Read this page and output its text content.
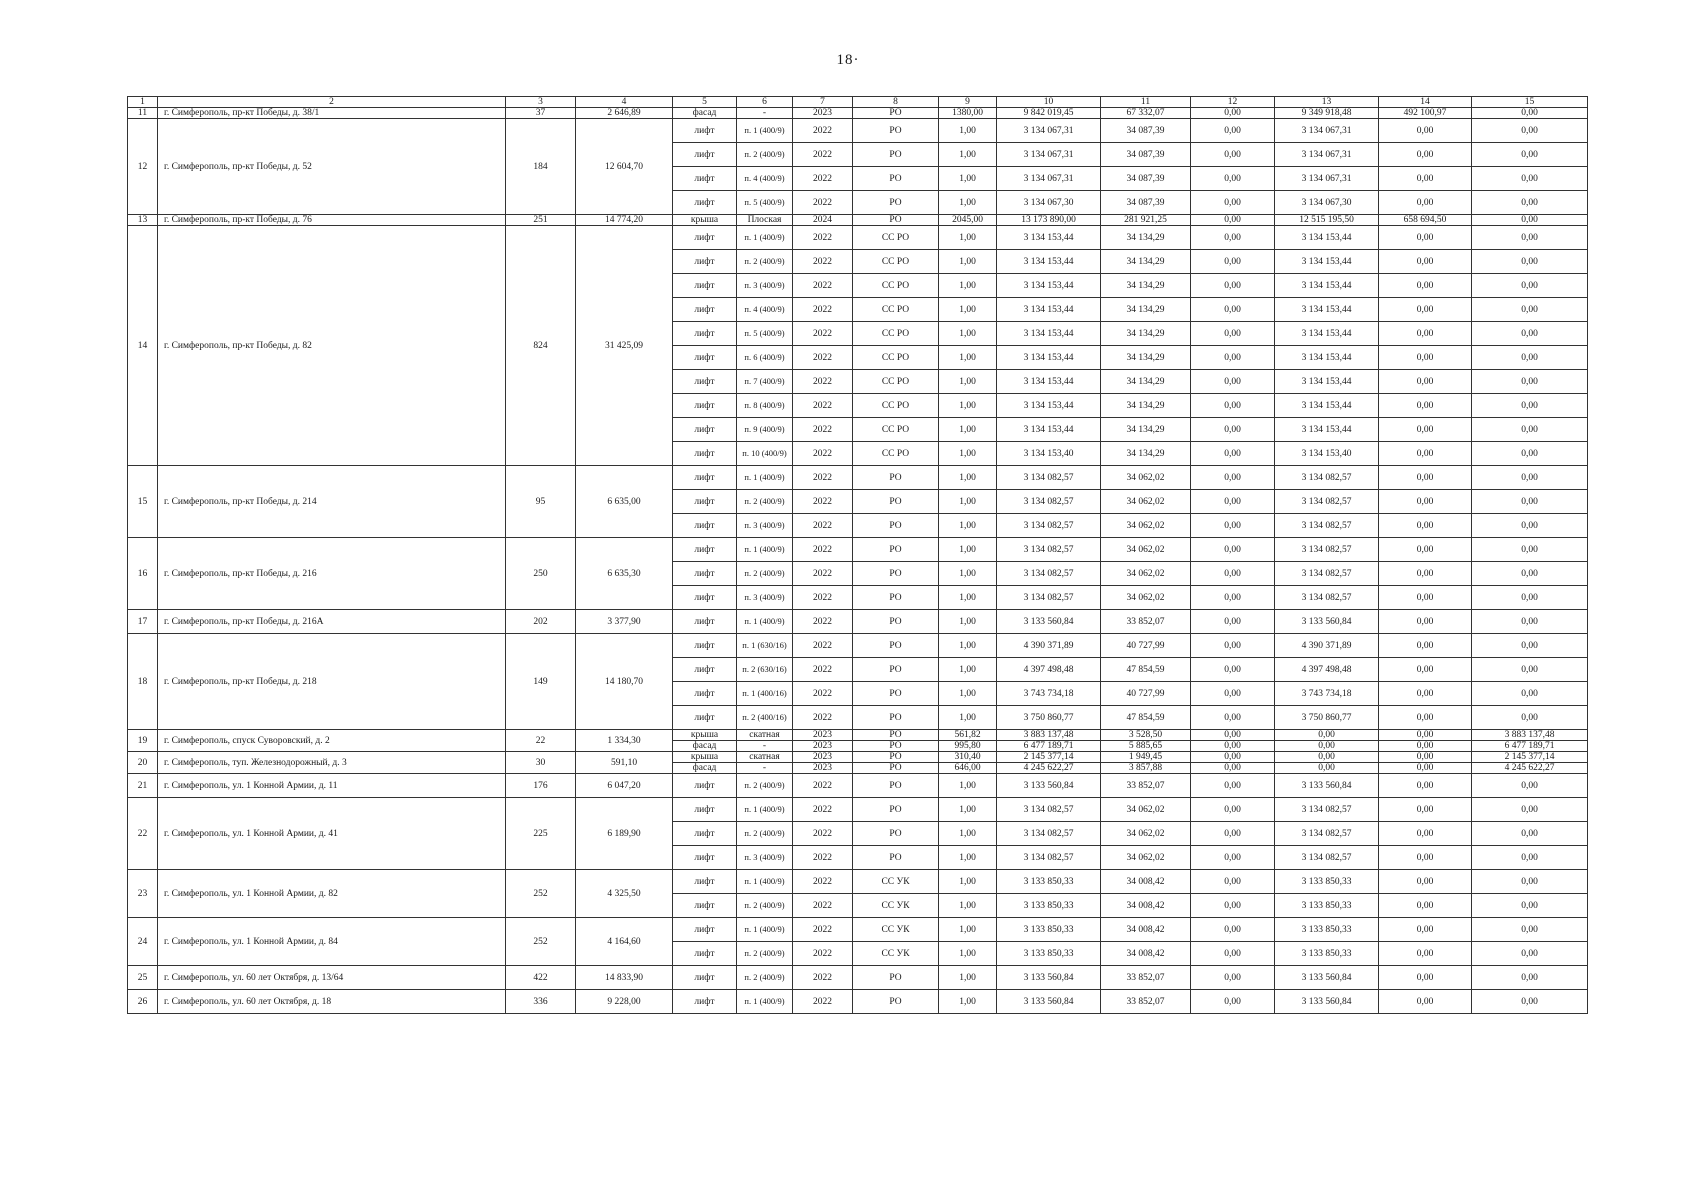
18·
1	2	3	4	5	6	7	8	9	10	11	12	13	14	15
11	г. Симферополь, пр-кт Победы, д. 38/1	37	2 646,89	фасад	-	2023	РО	1380,00	9 842 019,45	67 332,07	0,00	9 349 918,48	492 100,97	0,00
12	г. Симферополь, пр-кт Победы, д. 52	184	12 604,70	лифт	п. 1 (400/9)	2022	РО	1,00	3 134 067,31	34 087,39	0,00	3 134 067,31	0,00	0,00
				лифт	п. 2 (400/9)	2022	РО	1,00	3 134 067,31	34 087,39	0,00	3 134 067,31	0,00	0,00
				лифт	п. 4 (400/9)	2022	РО	1,00	3 134 067,31	34 087,39	0,00	3 134 067,31	0,00	0,00
				лифт	п. 5 (400/9)	2022	РО	1,00	3 134 067,30	34 087,39	0,00	3 134 067,30	0,00	0,00
13	г. Симферополь, пр-кт Победы, д. 76	251	14 774,20	крыша	Плоская	2024	РО	2045,00	13 173 890,00	281 921,25	0,00	12 515 195,50	658 694,50	0,00
14	г. Симферополь, пр-кт Победы, д. 82	824	31 425,09	лифт	п. 1 (400/9)	2022	СС РО	1,00	3 134 153,44	34 134,29	0,00	3 134 153,44	0,00	0,00
				лифт	п. 2 (400/9)	2022	СС РО	1,00	3 134 153,44	34 134,29	0,00	3 134 153,44	0,00	0,00
				лифт	п. 3 (400/9)	2022	СС РО	1,00	3 134 153,44	34 134,29	0,00	3 134 153,44	0,00	0,00
				лифт	п. 4 (400/9)	2022	СС РО	1,00	3 134 153,44	34 134,29	0,00	3 134 153,44	0,00	0,00
				лифт	п. 5 (400/9)	2022	СС РО	1,00	3 134 153,44	34 134,29	0,00	3 134 153,44	0,00	0,00
				лифт	п. 6 (400/9)	2022	СС РО	1,00	3 134 153,44	34 134,29	0,00	3 134 153,44	0,00	0,00
				лифт	п. 7 (400/9)	2022	СС РО	1,00	3 134 153,44	34 134,29	0,00	3 134 153,44	0,00	0,00
				лифт	п. 8 (400/9)	2022	СС РО	1,00	3 134 153,44	34 134,29	0,00	3 134 153,44	0,00	0,00
				лифт	п. 9 (400/9)	2022	СС РО	1,00	3 134 153,44	34 134,29	0,00	3 134 153,44	0,00	0,00
				лифт	п. 10 (400/9)	2022	СС РО	1,00	3 134 153,40	34 134,29	0,00	3 134 153,40	0,00	0,00
15	г. Симферополь, пр-кт Победы, д. 214	95	6 635,00	лифт	п. 1 (400/9)	2022	РО	1,00	3 134 082,57	34 062,02	0,00	3 134 082,57	0,00	0,00
				лифт	п. 2 (400/9)	2022	РО	1,00	3 134 082,57	34 062,02	0,00	3 134 082,57	0,00	0,00
				лифт	п. 3 (400/9)	2022	РО	1,00	3 134 082,57	34 062,02	0,00	3 134 082,57	0,00	0,00
16	г. Симферополь, пр-кт Победы, д. 216	250	6 635,30	лифт	п. 1 (400/9)	2022	РО	1,00	3 134 082,57	34 062,02	0,00	3 134 082,57	0,00	0,00
				лифт	п. 2 (400/9)	2022	РО	1,00	3 134 082,57	34 062,02	0,00	3 134 082,57	0,00	0,00
				лифт	п. 3 (400/9)	2022	РО	1,00	3 134 082,57	34 062,02	0,00	3 134 082,57	0,00	0,00
17	г. Симферополь, пр-кт Победы, д. 216А	202	3 377,90	лифт	п. 1 (400/9)	2022	РО	1,00	3 133 560,84	33 852,07	0,00	3 133 560,84	0,00	0,00
18	г. Симферополь, пр-кт Победы, д. 218	149	14 180,70	лифт	п. 1 (630/16)	2022	РО	1,00	4 390 371,89	40 727,99	0,00	4 390 371,89	0,00	0,00
				лифт	п. 2 (630/16)	2022	РО	1,00	4 397 498,48	47 854,59	0,00	4 397 498,48	0,00	0,00
				лифт	п. 1 (400/16)	2022	РО	1,00	3 743 734,18	40 727,99	0,00	3 743 734,18	0,00	0,00
				лифт	п. 2 (400/16)	2022	РО	1,00	3 750 860,77	47 854,59	0,00	3 750 860,77	0,00	0,00
19	г. Симферополь, спуск Суворовский, д. 2	22	1 334,30	крыша	скатная	2023	РО	561,82	3 883 137,48	3 528,50	0,00	0,00	0,00	3 883 137,48
				фасад	-	2023	РО	995,80	6 477 189,71	5 885,65	0,00	0,00	0,00	6 477 189,71
20	г. Симферополь, туп. Железнодорожный, д. 3	30	591,10	крыша	скатная	2023	РО	310,40	2 145 377,14	1 949,45	0,00	0,00	0,00	2 145 377,14
				фасад	-	2023	РО	646,00	4 245 622,27	3 857,88	0,00	0,00	0,00	4 245 622,27
21	г. Симферополь, ул. 1 Конной Армии, д. 11	176	6 047,20	лифт	п. 2 (400/9)	2022	РО	1,00	3 133 560,84	33 852,07	0,00	3 133 560,84	0,00	0,00
22	г. Симферополь, ул. 1 Конной Армии, д. 41	225	6 189,90	лифт	п. 1 (400/9)	2022	РО	1,00	3 134 082,57	34 062,02	0,00	3 134 082,57	0,00	0,00
				лифт	п. 2 (400/9)	2022	РО	1,00	3 134 082,57	34 062,02	0,00	3 134 082,57	0,00	0,00
				лифт	п. 3 (400/9)	2022	РО	1,00	3 134 082,57	34 062,02	0,00	3 134 082,57	0,00	0,00
23	г. Симферополь, ул. 1 Конной Армии, д. 82	252	4 325,50	лифт	п. 1 (400/9)	2022	СС УК	1,00	3 133 850,33	34 008,42	0,00	3 133 850,33	0,00	0,00
				лифт	п. 2 (400/9)	2022	СС УК	1,00	3 133 850,33	34 008,42	0,00	3 133 850,33	0,00	0,00
24	г. Симферополь, ул. 1 Конной Армии, д. 84	252	4 164,60	лифт	п. 1 (400/9)	2022	СС УК	1,00	3 133 850,33	34 008,42	0,00	3 133 850,33	0,00	0,00
				лифт	п. 2 (400/9)	2022	СС УК	1,00	3 133 850,33	34 008,42	0,00	3 133 850,33	0,00	0,00
25	г. Симферополь, ул. 60 лет Октября, д. 13/64	422	14 833,90	лифт	п. 2 (400/9)	2022	РО	1,00	3 133 560,84	33 852,07	0,00	3 133 560,84	0,00	0,00
26	г. Симферополь, ул. 60 лет Октября, д. 18	336	9 228,00	лифт	п. 1 (400/9)	2022	РО	1,00	3 133 560,84	33 852,07	0,00	3 133 560,84	0,00	0,00
